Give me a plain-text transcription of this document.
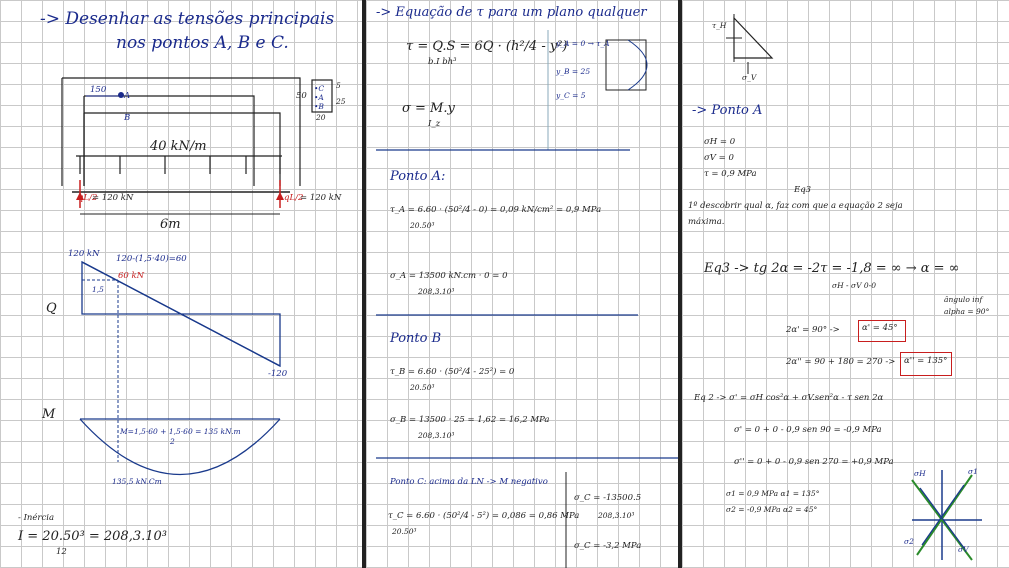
-> Desenhar as tensões principais
nos pontos A, B e C.
150
A
B
50
5
25
20
•C •A •B
40 kN/m
qL/2
= 120 kN	qL/2
= 120 kN
6m
120 kN 120-(1,5·40)=60
60 kN
1,5
Q
-120
M
M=1,5·60 + 1,5·60 = 135 kN.m
2
135,5 kN.Cm
- Inércia
I = 20.50³ = 208,3.10³
12
-> Equação de τ para um plano qualquer
τ = Q.S = 6Q · (h²/4 - y²)
b.I bh³
y_A = 0 → τ_A
y_B = 25
y_C = 5
σ = M.y
I_z
Ponto A:
τ_A = 6.60 · (50²/4 - 0) = 0,09 kN/cm² = 0,9 MPa
20.50³
σ_A = 13500 kN.cm · 0 = 0
208,3.10³
Ponto B
τ_B = 6.60 · (50²/4 - 25²) = 0
20.50³
σ_B = 13500 · 25 = 1,62 = 16,2 MPa
208,3.10³
Ponto C: acima da LN -> M negativo
τ_C = 6.60 · (50²/4 - 5²) = 0,086 = 0,86 MPa
20.50³
σ_C = -13500.5
208,3.10³
σ_C = -3,2 MPa
τ_H
σ_V
-> Ponto A
σH = 0
σV = 0
τ = 0,9 MPa
Eq3
1º descobrir qual α, faz com que a equação 2 seja
máxima.
Eq3 -> tg 2α = -2τ = -1,8 = ∞ → α = ∞
σH - σV 0-0
ângulo inf
alpha = 90°
2α' = 90° ->	α' = 45°
2α'' = 90 + 180 = 270 -> α'' = 135°
Eq 2 -> σ' = σH cos²α + σV.sen²α - τ sen 2α
σ' = 0 + 0 - 0,9 sen 90 = -0,9 MPa
σ'' = 0 + 0 - 0,9 sen 270 = +0,9 MPa
σ1 = 0,9 MPa α1 = 135°
σ2 = -0,9 MPa α2 = 45°
σH	σ1
σ2
σV
